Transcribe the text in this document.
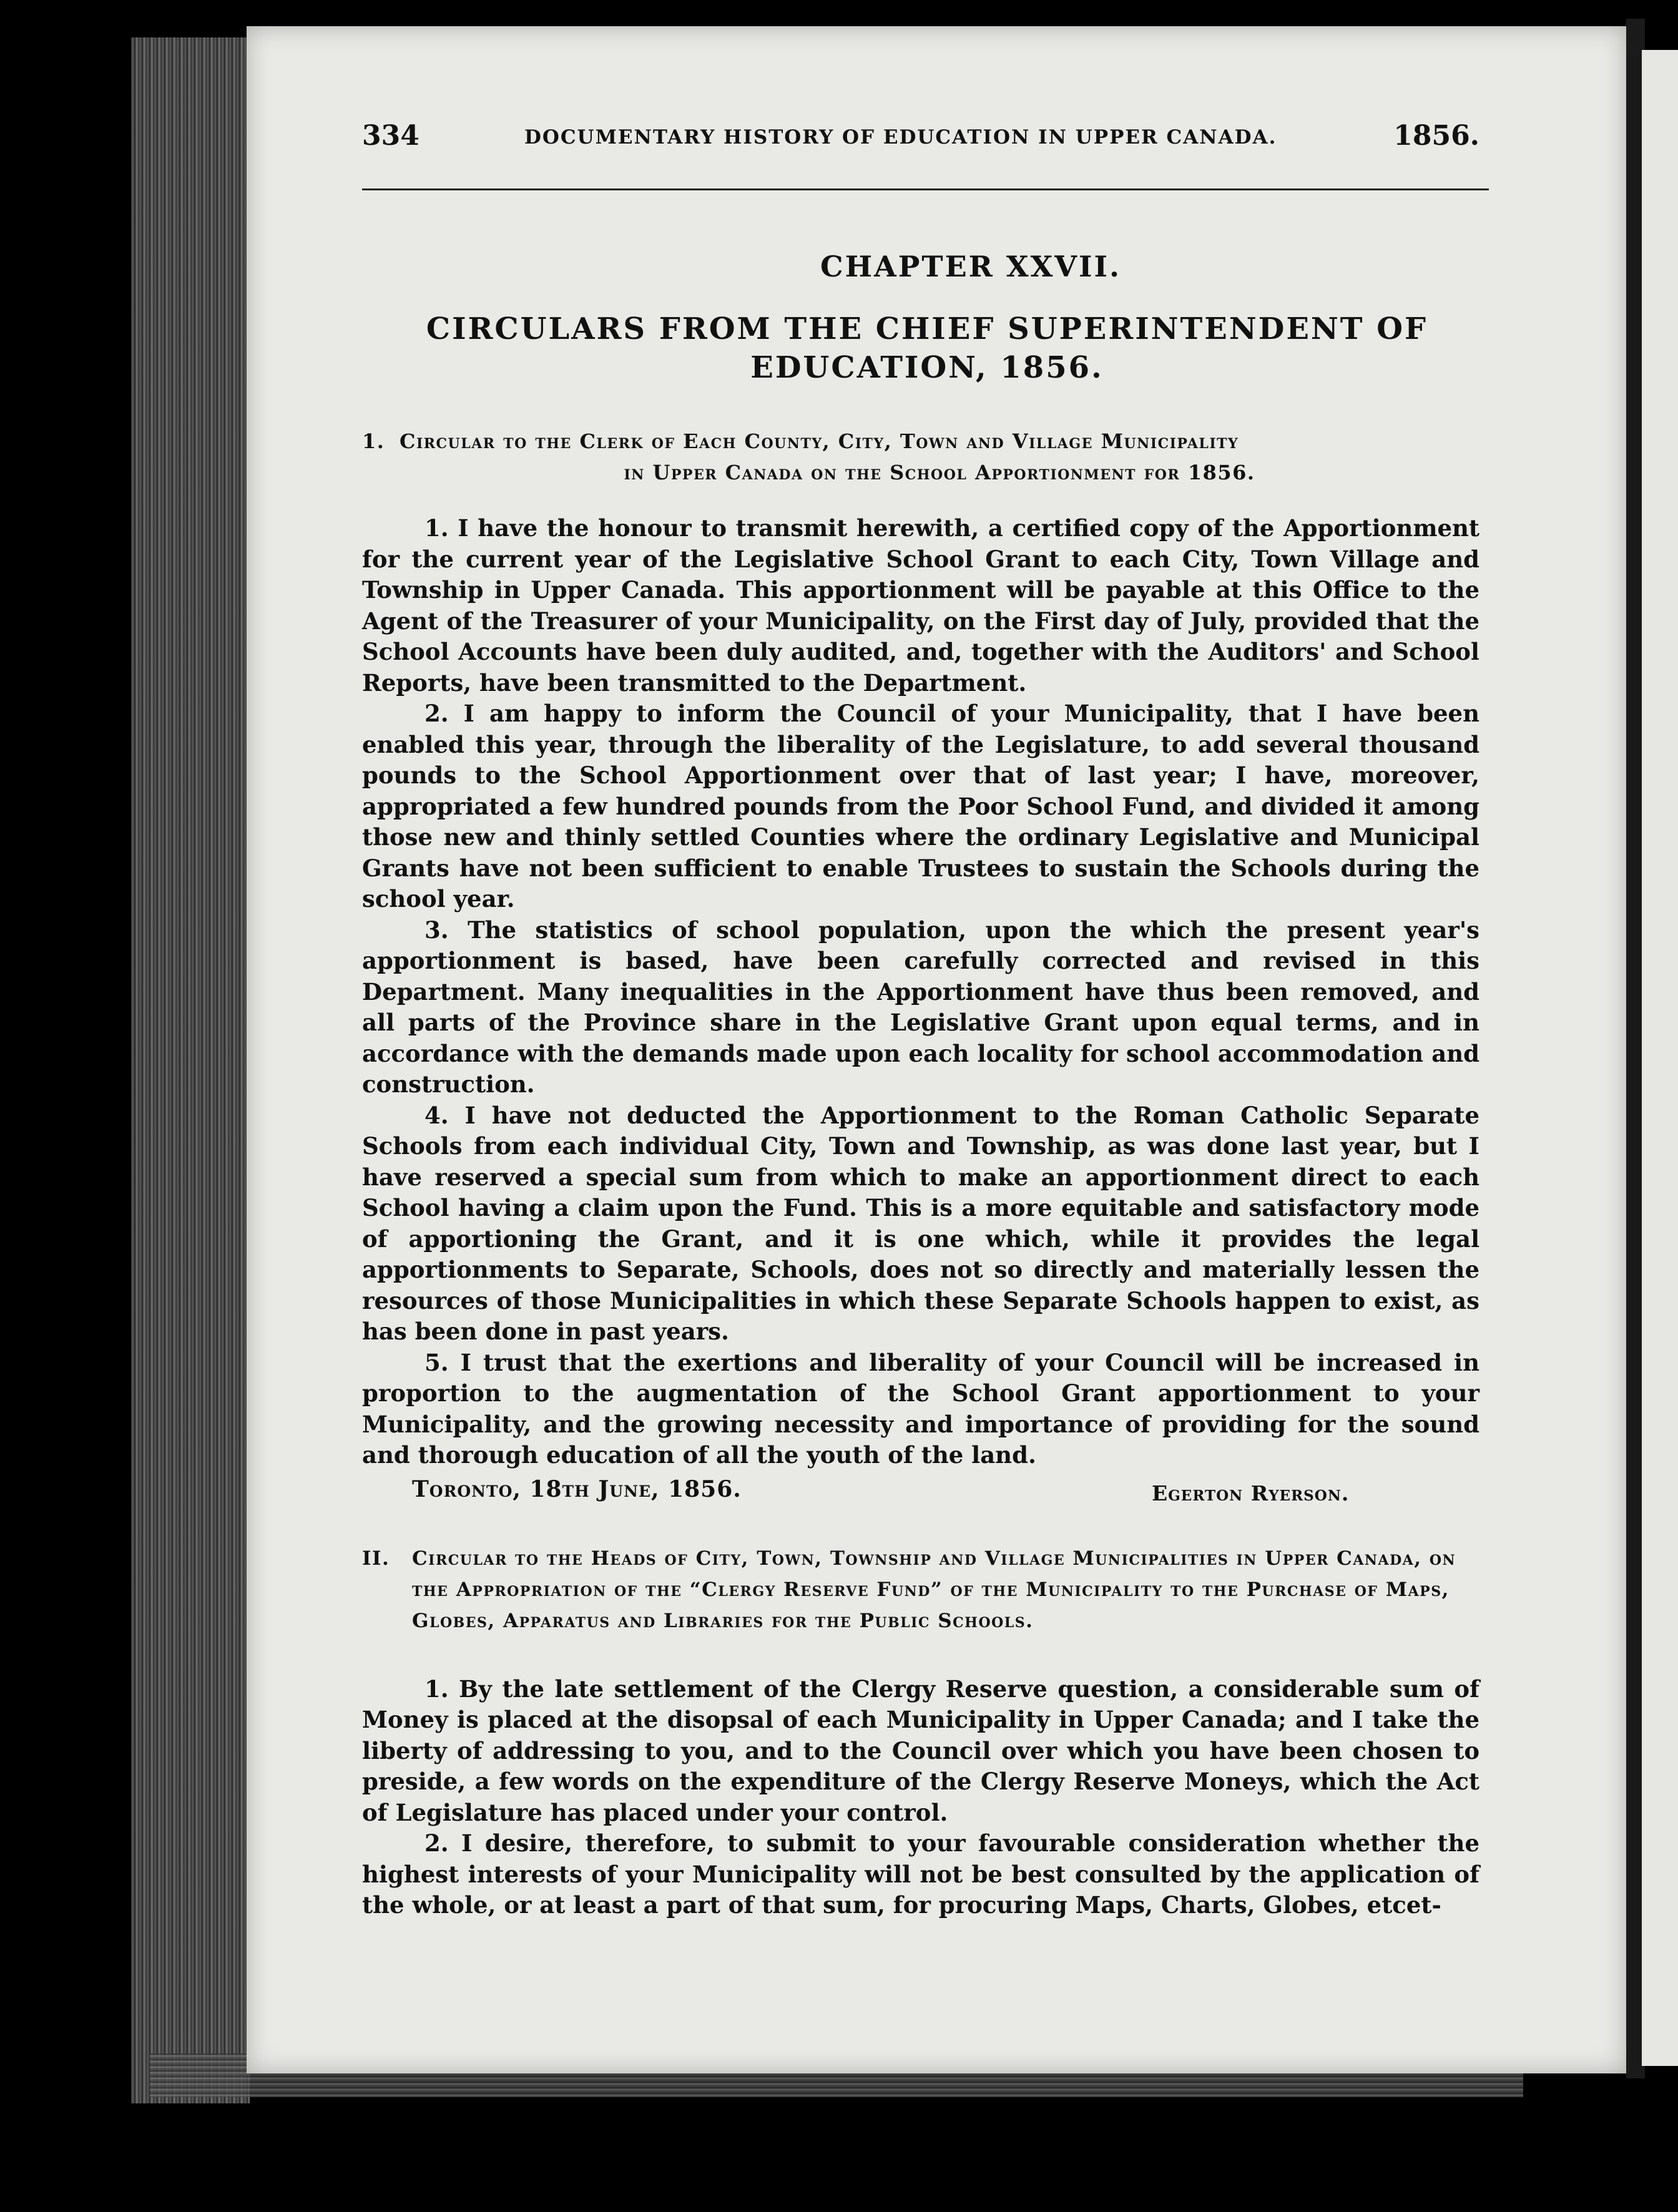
334	DOCUMENTARY HISTORY OF EDUCATION IN UPPER CANADA.	1856.
CHAPTER XXVII.
CIRCULARS FROM THE CHIEF SUPERINTENDENT OF EDUCATION, 1856.
1. Circular to the Clerk of Each County, City, Town and Village Municipality
in Upper Canada on the School Apportionment for 1856.

1. I have the honour to transmit herewith, a certified copy of the Apportionment for the current year of the Legislative School Grant to each City, Town Village and Township in Upper Canada. This apportionment will be payable at this Office to the Agent of the Treasurer of your Municipality, on the First day of July, provided that the School Accounts have been duly audited, and, together with the Auditors' and School Reports, have been transmitted to the Department.

2. I am happy to inform the Council of your Municipality, that I have been enabled this year, through the liberality of the Legislature, to add several thousand pounds to the School Apportionment over that of last year; I have, moreover, appropriated a few hundred pounds from the Poor School Fund, and divided it among those new and thinly settled Counties where the ordinary Legislative and Municipal Grants have not been sufficient to enable Trustees to sustain the Schools during the school year.

3. The statistics of school population, upon the which the present year's apportionment is based, have been carefully corrected and revised in this Department. Many inequalities in the Apportionment have thus been removed, and all parts of the Province share in the Legislative Grant upon equal terms, and in accordance with the demands made upon each locality for school accommodation and construction.

4. I have not deducted the Apportionment to the Roman Catholic Separate Schools from each individual City, Town and Township, as was done last year, but I have reserved a special sum from which to make an apportionment direct to each School having a claim upon the Fund. This is a more equitable and satisfactory mode of apportioning the Grant, and it is one which, while it provides the legal apportionments to Separate, Schools, does not so directly and materially lessen the resources of those Municipalities in which these Separate Schools happen to exist, as has been done in past years.

5. I trust that the exertions and liberality of your Council will be increased in proportion to the augmentation of the School Grant apportionment to your Municipality, and the growing necessity and importance of providing for the sound and thorough education of all the youth of the land.

Toronto, 18th June, 1856.	Egerton Ryerson.
II. Circular to the Heads of City, Town, Township and Village Municipalities in Upper Canada, on the Appropriation of the “Clergy Reserve Fund” of the Municipality to the Purchase of Maps, Globes, Apparatus and Libraries for the Public Schools.

1. By the late settlement of the Clergy Reserve question, a considerable sum of Money is placed at the disopsal of each Municipality in Upper Canada; and I take the liberty of addressing to you, and to the Council over which you have been chosen to preside, a few words on the expenditure of the Clergy Reserve Moneys, which the Act of Legislature has placed under your control.

2. I desire, therefore, to submit to your favourable consideration whether the highest interests of your Municipality will not be best consulted by the application of the whole, or at least a part of that sum, for procuring Maps, Charts, Globes, etcet-
